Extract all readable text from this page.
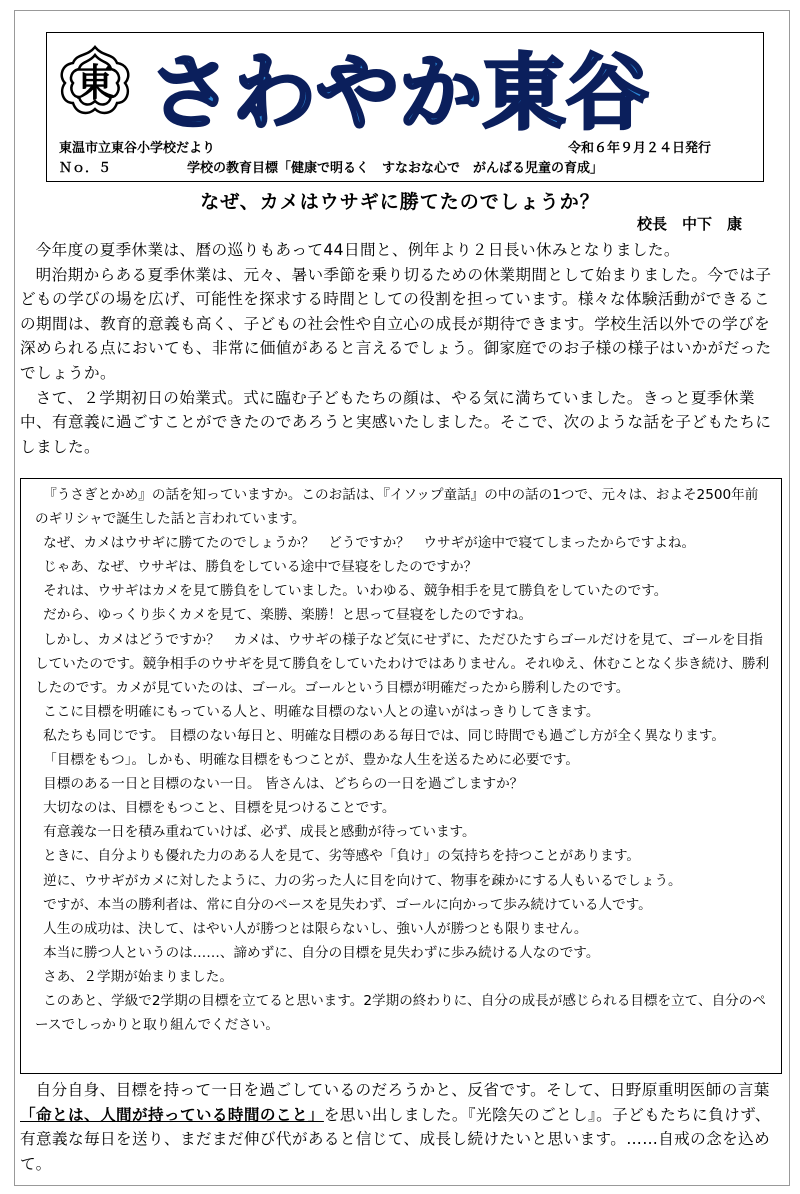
東 さわやか東谷
東温市立東谷小学校だより	令和６年９月２４日発行
Ｎｏ．５	学校の教育目標「健康で明るく　すなおな心で　がんばる児童の育成」
なぜ、カメはウサギに勝てたのでしょうか？
校長　中下　康

今年度の夏季休業は、暦の巡りもあって44日間と、例年より２日長い休みとなりました。

明治期からある夏季休業は、元々、暑い季節を乗り切るための休業期間として始まりました。今では子どもの学びの場を広げ、可能性を探求する時間としての役割を担っています。様々な体験活動ができるこの期間は、教育的意義も高く、子どもの社会性や自立心の成長が期待できます。学校生活以外での学びを深められる点においても、非常に価値があると言えるでしょう。御家庭でのお子様の様子はいかがだったでしょうか。

さて、２学期初日の始業式。式に臨む子どもたちの顔は、やる気に満ちていました。きっと夏季休業中、有意義に過ごすことができたのであろうと実感いたしました。そこで、次のような話を子どもたちにしました。

『うさぎとかめ』の話を知っていますか。このお話は、『イソップ童話』の中の話の1つで、元々は、およそ2500年前のギリシャで誕生した話と言われています。

なぜ、カメはウサギに勝てたのでしょうか？　どうですか？　ウサギが途中で寝てしまったからですよね。

じゃあ、なぜ、ウサギは、勝負をしている途中で昼寝をしたのですか？

それは、ウサギはカメを見て勝負をしていました。いわゆる、競争相手を見て勝負をしていたのです。

だから、ゆっくり歩くカメを見て、楽勝、楽勝！と思って昼寝をしたのですね。

しかし、カメはどうですか？　カメは、ウサギの様子など気にせずに、ただひたすらゴールだけを見て、ゴールを目指していたのです。競争相手のウサギを見て勝負をしていたわけではありません。それゆえ、休むことなく歩き続け、勝利したのです。カメが見ていたのは、ゴール。ゴールという目標が明確だったから勝利したのです。

ここに目標を明確にもっている人と、明確な目標のない人との違いがはっきりしてきます。

私たちも同じです。 目標のない毎日と、明確な目標のある毎日では、同じ時間でも過ごし方が全く異なります。

「目標をもつ」。しかも、明確な目標をもつことが、豊かな人生を送るために必要です。

目標のある一日と目標のない一日。 皆さんは、どちらの一日を過ごしますか？

大切なのは、目標をもつこと、目標を見つけることです。

有意義な一日を積み重ねていけば、必ず、成長と感動が待っています。

ときに、自分よりも優れた力のある人を見て、劣等感や「負け」の気持ちを持つことがあります。

逆に、ウサギがカメに対したように、力の劣った人に目を向けて、物事を疎かにする人もいるでしょう。

ですが、本当の勝利者は、常に自分のペースを見失わず、ゴールに向かって歩み続けている人です。

人生の成功は、決して、はやい人が勝つとは限らないし、強い人が勝つとも限りません。

本当に勝つ人というのは……、諦めずに、自分の目標を見失わずに歩み続ける人なのです。

さあ、２学期が始まりました。

このあと、学級で2学期の目標を立てると思います。2学期の終わりに、自分の成長が感じられる目標を立て、自分のペースでしっかりと取り組んでください。

自分自身、目標を持って一日を過ごしているのだろうかと、反省です。そして、日野原重明医師の言葉「命とは、人間が持っている時間のこと」を思い出しました。『光陰矢のごとし』。子どもたちに負けず、有意義な毎日を送り、まだまだ伸び代があると信じて、成長し続けたいと思います。……自戒の念を込めて。
